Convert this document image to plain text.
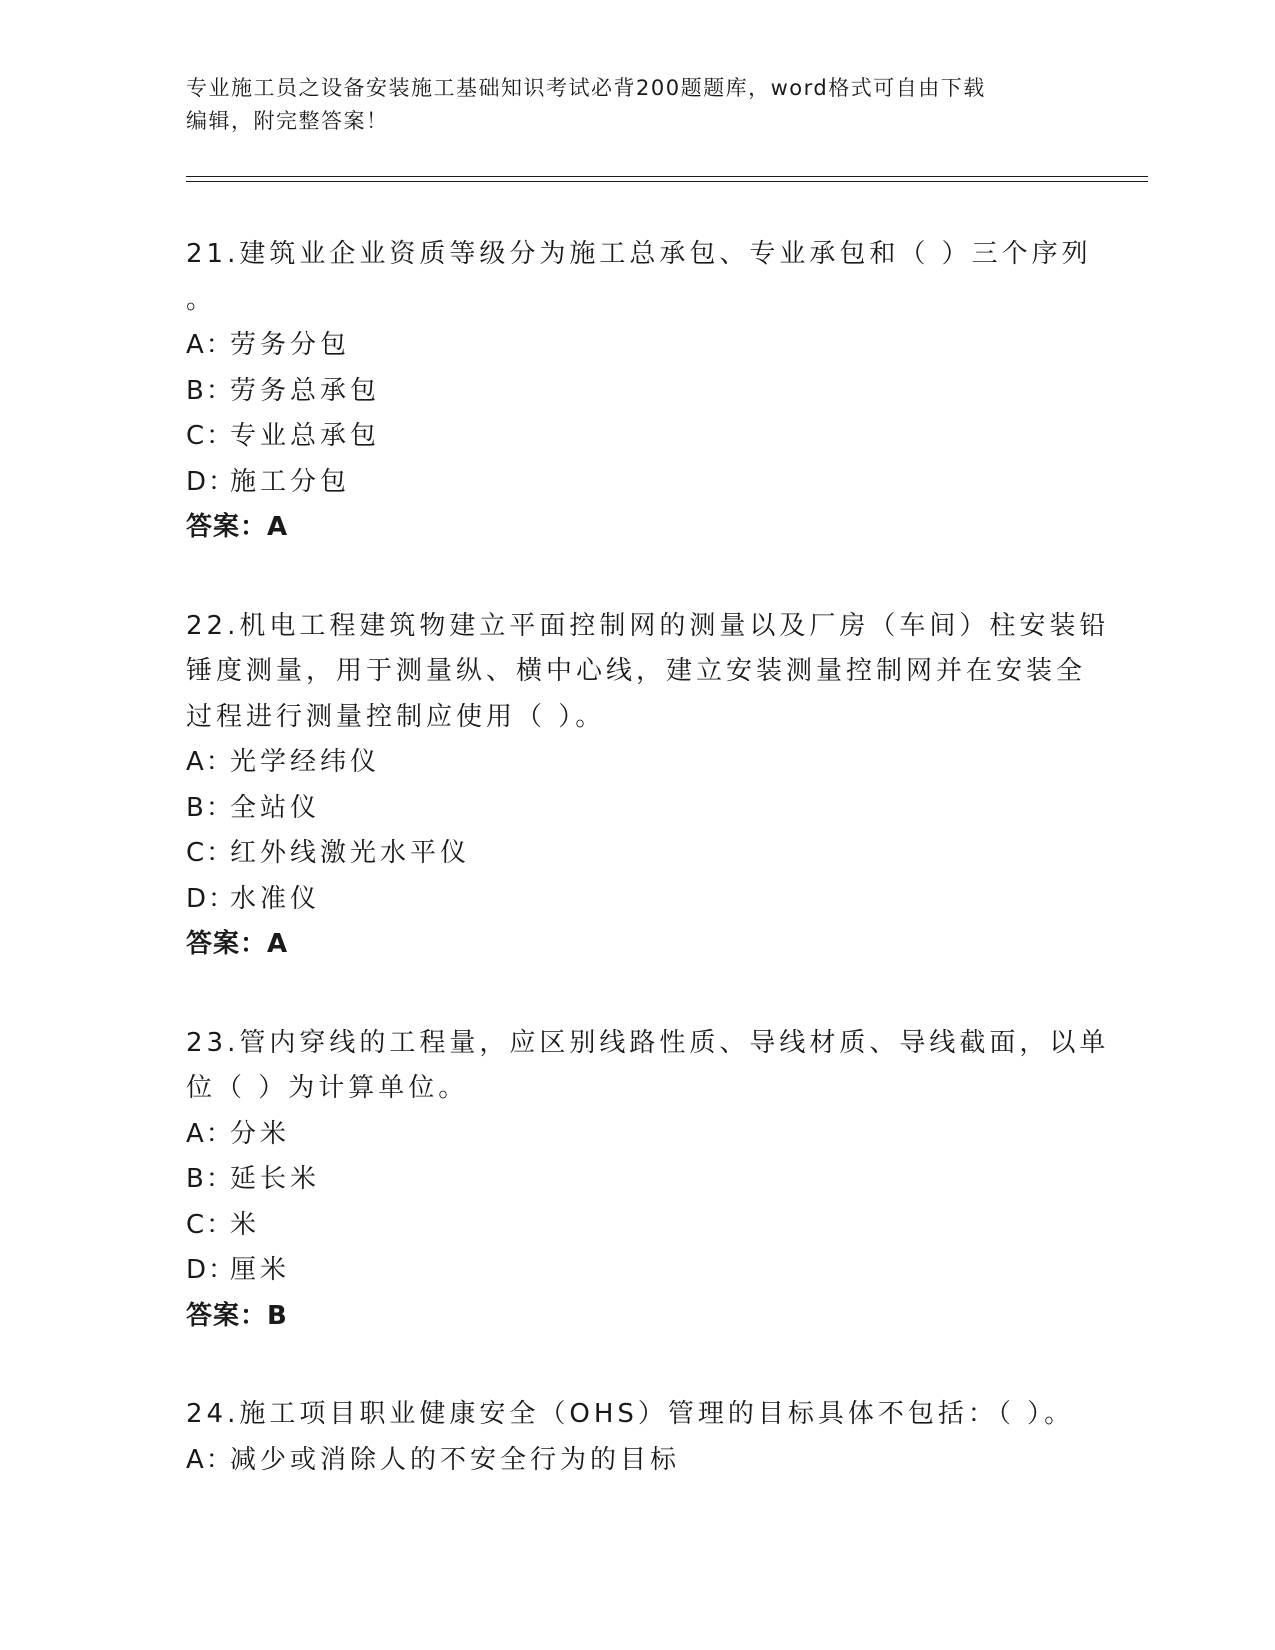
专业施工员之设备安装施工基础知识考试必背200题题库，word格式可自由下载
编辑，附完整答案！
21.建筑业企业资质等级分为施工总承包、专业承包和（ ）三个序列
。
A：劳务分包
B：劳务总承包
C：专业总承包
D：施工分包
答案：A
22.机电工程建筑物建立平面控制网的测量以及厂房（车间）柱安装铅
锤度测量，用于测量纵、横中心线，建立安装测量控制网并在安装全
过程进行测量控制应使用（ ）。
A：光学经纬仪
B：全站仪
C：红外线激光水平仪
D：水准仪
答案：A
23.管内穿线的工程量，应区别线路性质、导线材质、导线截面，以单
位（ ）为计算单位。
A：分米
B：延长米
C：米
D：厘米
答案：B
24.施工项目职业健康安全（OHS）管理的目标具体不包括：（ ）。
A：减少或消除人的不安全行为的目标
